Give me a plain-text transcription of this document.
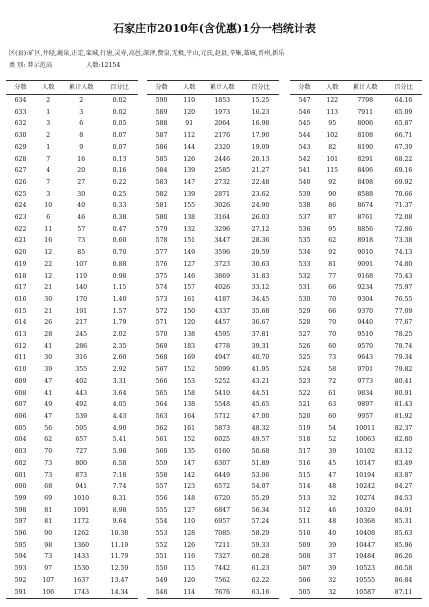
石家庄市2010年(含优惠)1分一档统计表
区(县):矿区,井陉,鹿泉,正定,栾城,行唐,灵寿,高邑,深泽,赞皇,无极,平山,元氏,赵县,辛集,藁城,晋州,新乐
类 别: 普示范高	人数:12154
分数	人数	累计人数	百分比
634	2	2	0.02
633	1	3	0.02
632	3	6	0.05
630	2	8	0.07
629	1	9	0.07
628	7	16	0.13
627	4	20	0.16
626	7	27	0.22
625	3	30	0.25
624	10	40	0.33
623	6	46	0.38
622	11	57	0.47
621	16	73	0.60
620	12	85	0.70
619	22	107	0.88
618	12	119	0.98
617	21	140	1.15
616	30	170	1.40
615	21	191	1.57
614	26	217	1.79
613	28	245	2.02
612	41	286	2.35
611	30	316	2.60
610	39	355	2.92
609	47	402	3.31
608	41	443	3.64
607	49	492	4.05
606	47	539	4.43
605	56	595	4.90
604	62	657	5.41
603	70	727	5.98
602	73	800	6.58
601	73	873	7.18
600	68	941	7.74
599	69	1010	8.31
598	81	1091	8.98
597	81	1172	9.64
596	90	1262	10.38
595	98	1360	11.19
594	73	1433	11.79
593	97	1530	12.59
592	107	1637	13.47
591	106	1743	14.34
分数	人数	累计人数	百分比
590	110	1853	15.25
589	120	1973	16.23
588	91	2064	16.98
587	112	2176	17.90
586	144	2320	19.09
585	126	2446	20.13
584	139	2585	21.27
583	147	2732	22.48
582	139	2871	23.62
581	155	3026	24.90
580	138	3164	26.03
579	132	3296	27.12
578	151	3447	28.36
577	149	3596	29.59
576	127	3723	30.63
575	146	3869	31.83
574	157	4026	33.12
573	161	4187	34.45
572	150	4337	35.68
571	120	4457	36.67
570	138	4595	37.81
569	183	4778	39.31
568	169	4947	40.70
567	152	5099	41.95
566	153	5252	43.21
565	158	5410	44.51
564	138	5548	45.65
563	164	5712	47.00
562	161	5873	48.32
561	152	6025	49.57
560	135	6160	50.68
559	147	6307	51.89
558	142	6449	53.06
557	123	6572	54.07
556	148	6720	55.29
555	127	6847	56.34
554	110	6957	57.24
553	128	7085	58.29
552	126	7211	59.33
551	116	7327	60.28
550	115	7442	61.23
549	120	7562	62.22
548	114	7676	63.16
分数	人数	累计人数	百分比
547	122	7798	64.16
546	113	7911	65.09
545	95	8006	65.87
544	102	8108	66.71
543	82	8190	67.39
542	101	8291	68.22
541	115	8406	69.16
540	92	8498	69.92
539	90	8588	70.66
538	86	8674	71.37
537	87	8761	72.08
536	95	8856	72.86
535	62	8918	73.38
534	92	9010	74.13
533	81	9091	74.80
532	77	9168	75.43
531	66	9234	75.97
530	70	9304	76.55
529	66	9370	77.09
528	70	9440	77.67
527	70	9510	78.25
526	60	9570	78.74
525	73	9643	79.34
524	58	9701	79.82
523	72	9773	80.41
522	61	9834	80.91
521	63	9897	81.43
520	60	9957	81.92
519	54	10011	82.37
518	52	10063	82.80
517	39	10102	83.12
516	45	10147	83.49
515	47	10194	83.87
514	48	10242	84.27
513	32	10274	84.53
512	46	10320	84.91
511	48	10368	85.31
510	40	10408	85.63
509	39	10447	85.96
508	37	10484	86.26
507	39	10523	86.58
506	32	10555	86.84
505	32	10587	87.11
